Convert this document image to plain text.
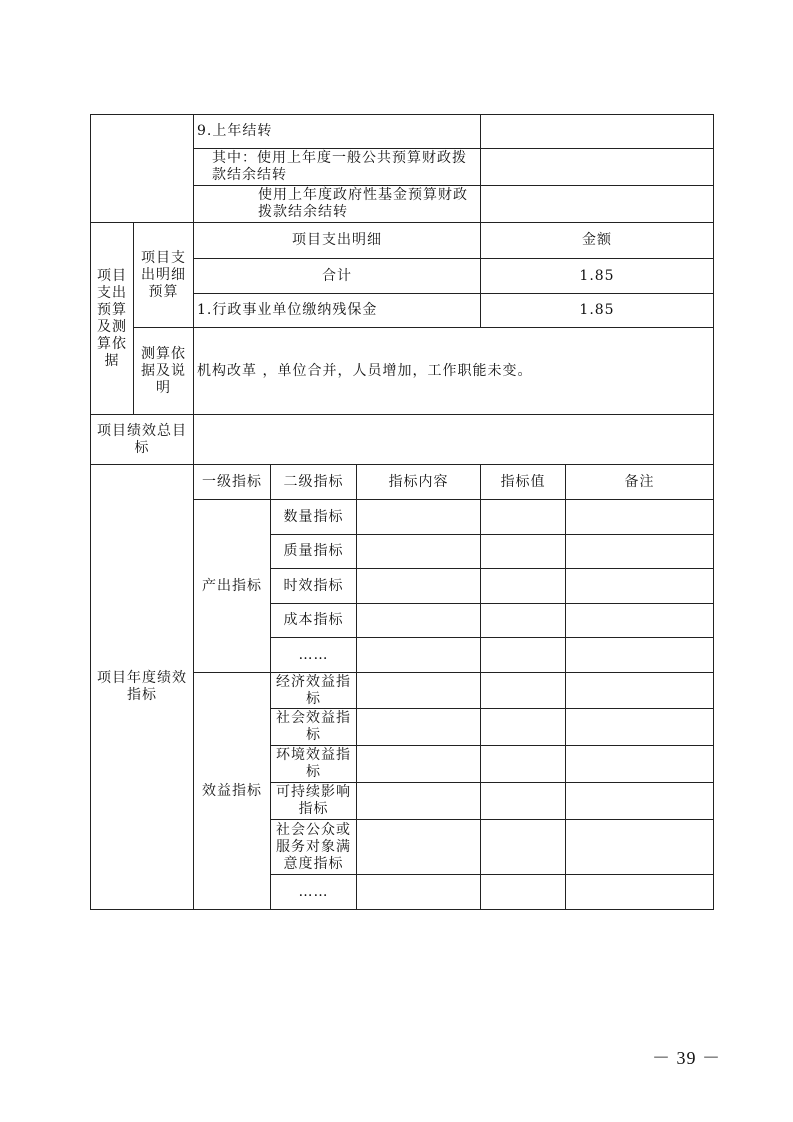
		9.上年结转				
		其中：使用上年度一般公共预算财政拨款结余结转				
		使用上年度政府性基金预算财政拨款结余结转				
项目支出预算及测算依据	项目支出明细预算	项目支出明细			金额	
		合计			1.85	
		1.行政事业单位缴纳残保金			1.85	
	测算依据及说明	机构改革 ，单位合并，人员增加，工作职能未变。				
项目绩效总目标						
项目年度绩效指标		一级指标	二级指标	指标内容	指标值	备注
		产出指标	数量指标			
			质量指标			
			时效指标			
			成本指标			
			……			
		效益指标	经济效益指标			
			社会效益指标			
			环境效益指标			
			可持续影响指标			
			社会公众或服务对象满意度指标			
			……			
－ 39 －
